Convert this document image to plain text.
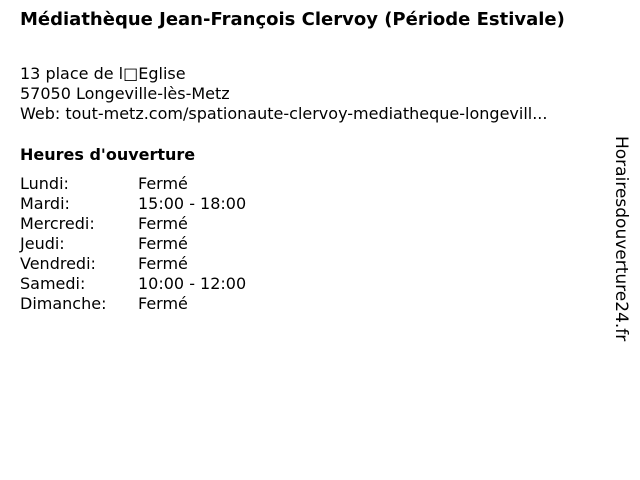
Médiathèque Jean-François Clervoy (Période Estivale)
13 place de l□Eglise
57050 Longeville-lès-Metz
Web: tout-metz.com/spationaute-clervoy-mediatheque-longevill...
Heures d'ouverture
Lundi:	Fermé
Mardi:	15:00 - 18:00
Mercredi:	Fermé
Jeudi:	Fermé
Vendredi:	Fermé
Samedi:	10:00 - 12:00
Dimanche:	Fermé	Horairesdouverture24.fr
